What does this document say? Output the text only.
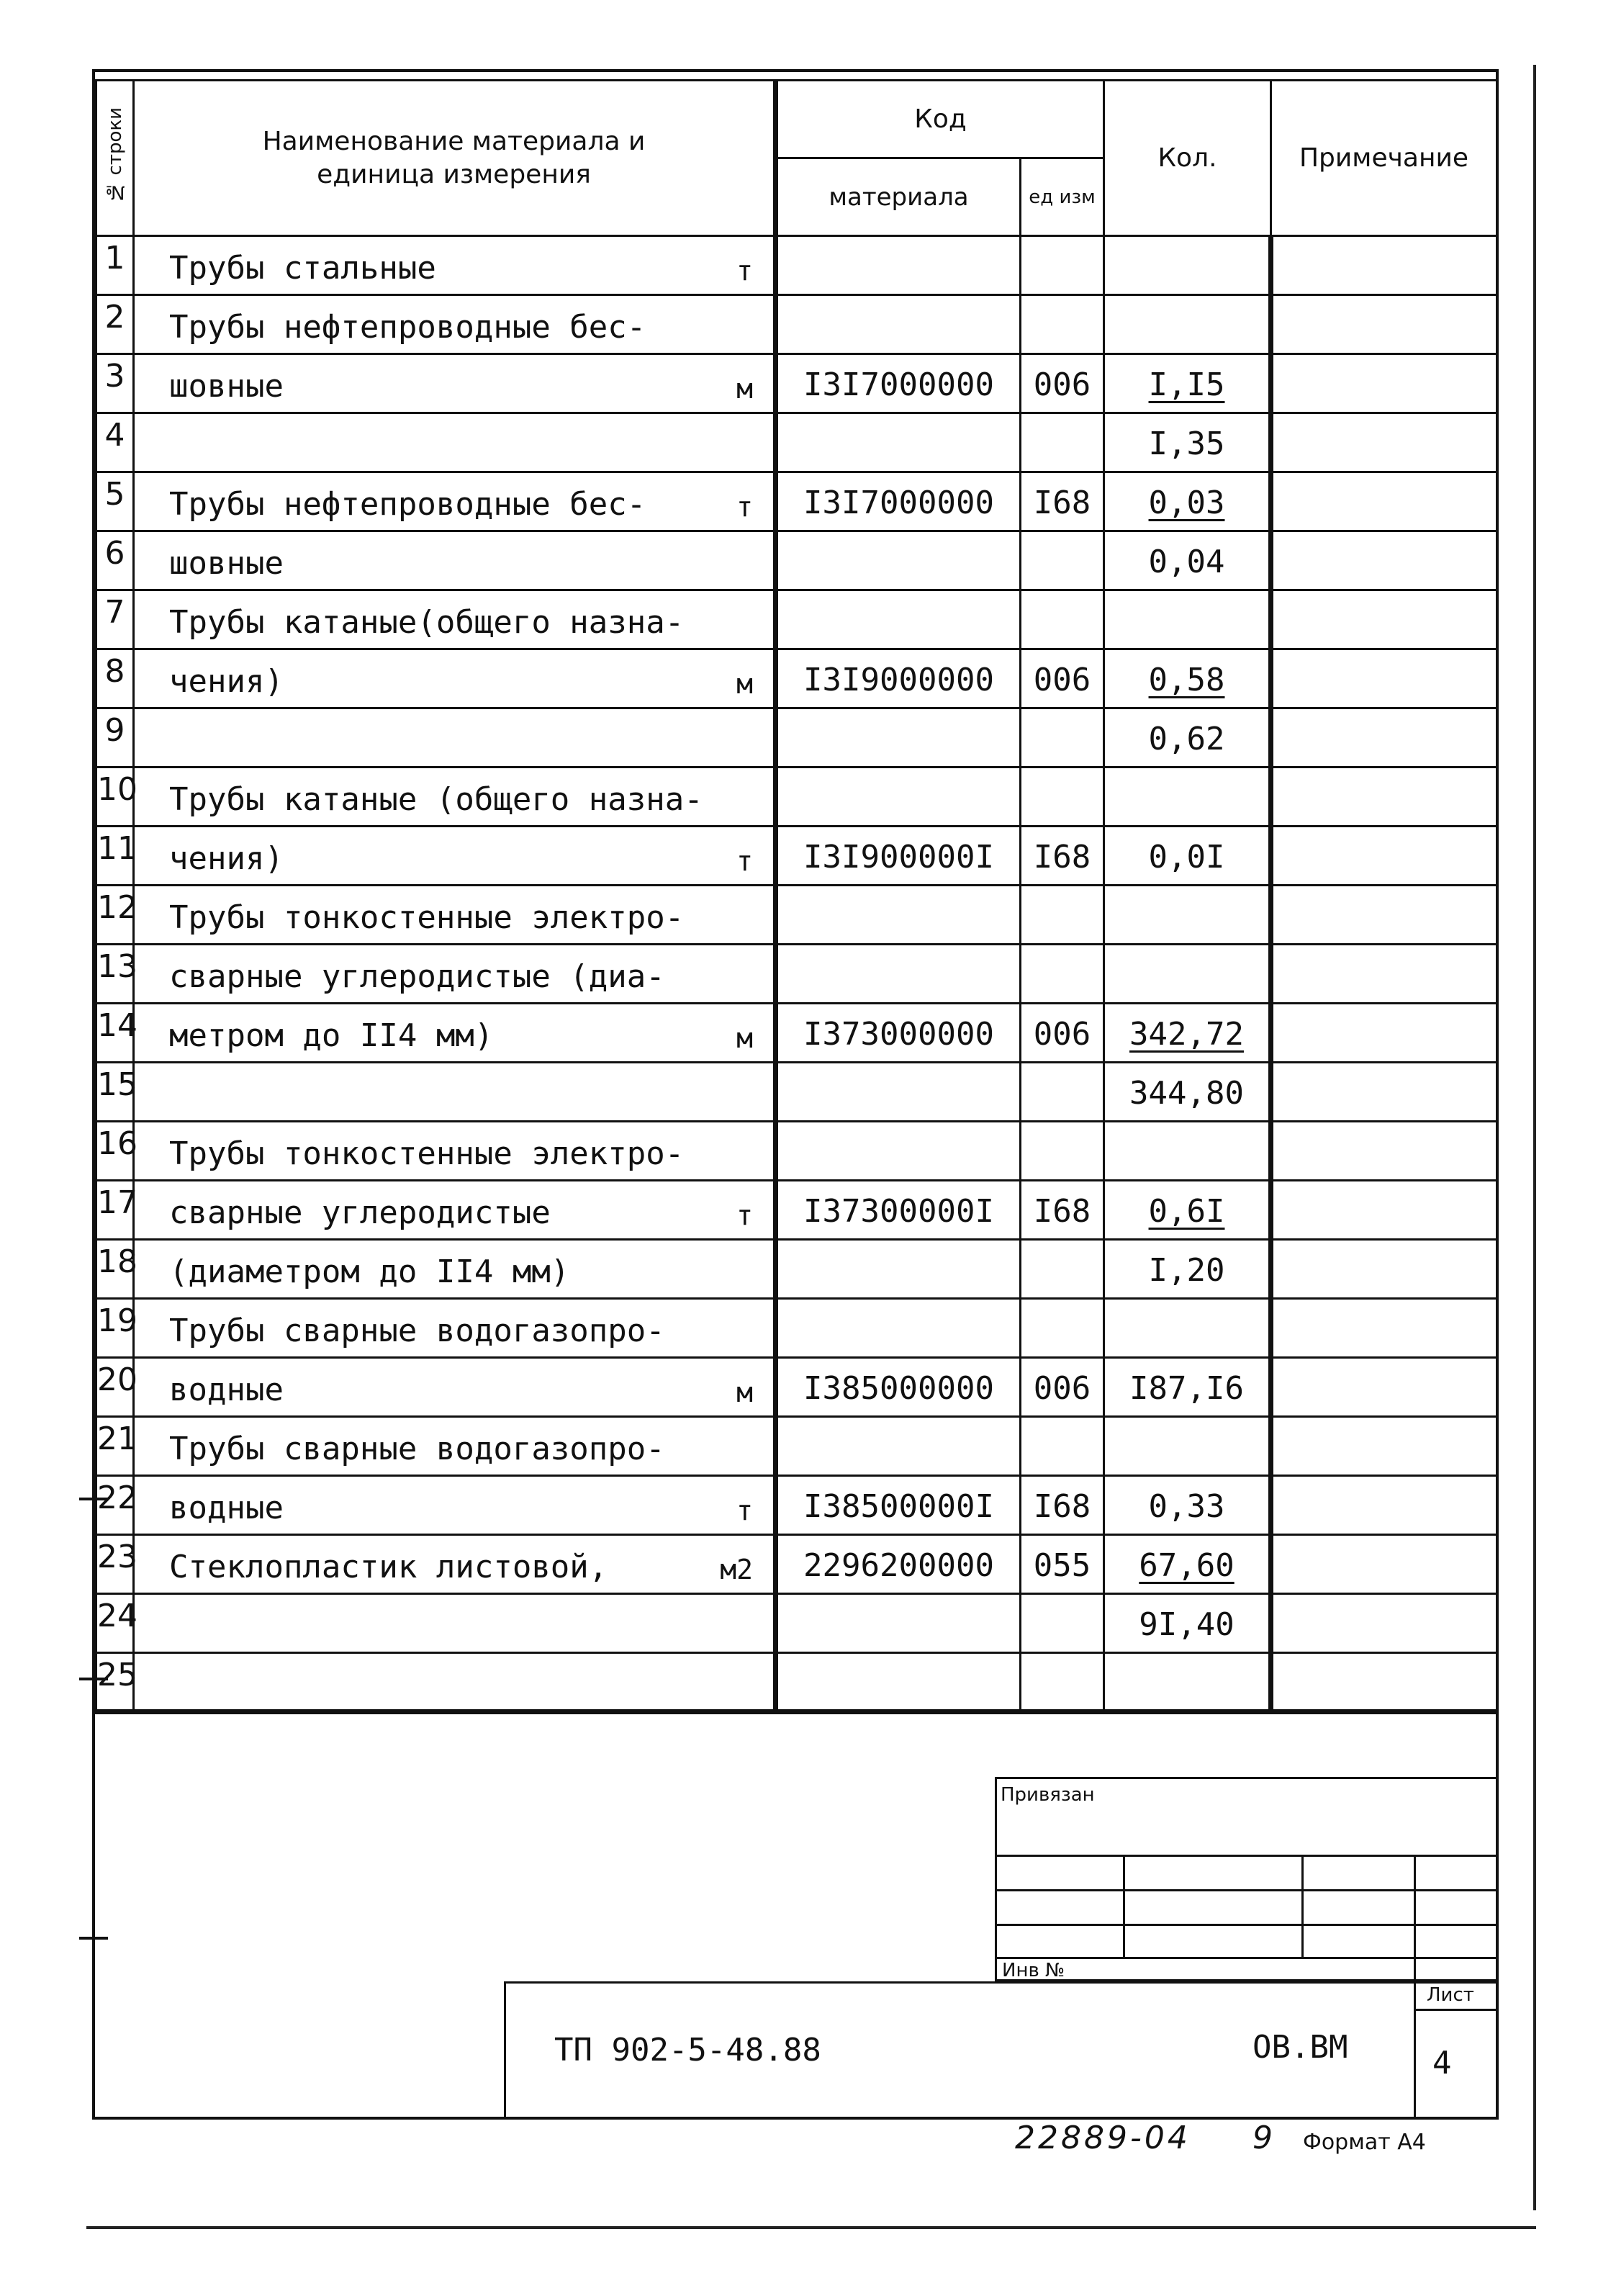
№ строки	Наименование материала и единица измерения	Код		Кол.	Примечание
		материала	ед изм		
1	Трубы стальные т				

2	Трубы нефтепроводные бес-

3	шовные м	I3I7000000	006	I,I5	
4				I,35	
5	Трубы нефтепроводные бес- т	I3I7000000	I68	0,03	
6	шовные			0,04	
7	Трубы катаные(общего назна-

8	чения) м	I3I9000000	006	0,58	
9				0,62	
10	Трубы катаные (общего назна-

11	чения) т	I3I900000I	I68	0,0I	
12	Трубы тонкостенные электро-

13	сварные углеродистые (диа-

14	метром до II4 мм) м	I373000000	006	342,72	
15				344,80	
16	Трубы тонкостенные электро-

17	сварные углеродистые т	I37300000I	I68	0,6I	
18	(диаметром до II4 мм)			I,20	
19	Трубы сварные водогазопро-

20	водные м	I385000000	006	I87,I6	
21	Трубы сварные водогазопро-

22	водные т	I38500000I	I68	0,33	
23	Стеклопластик листовой, м2	2296200000	055	67,60	
24				9I,40	
25	

Привязан
Инв №
ТП 902-5-48.88	ОВ.ВМ
Лист
4
22889-04 9 Формат А4
